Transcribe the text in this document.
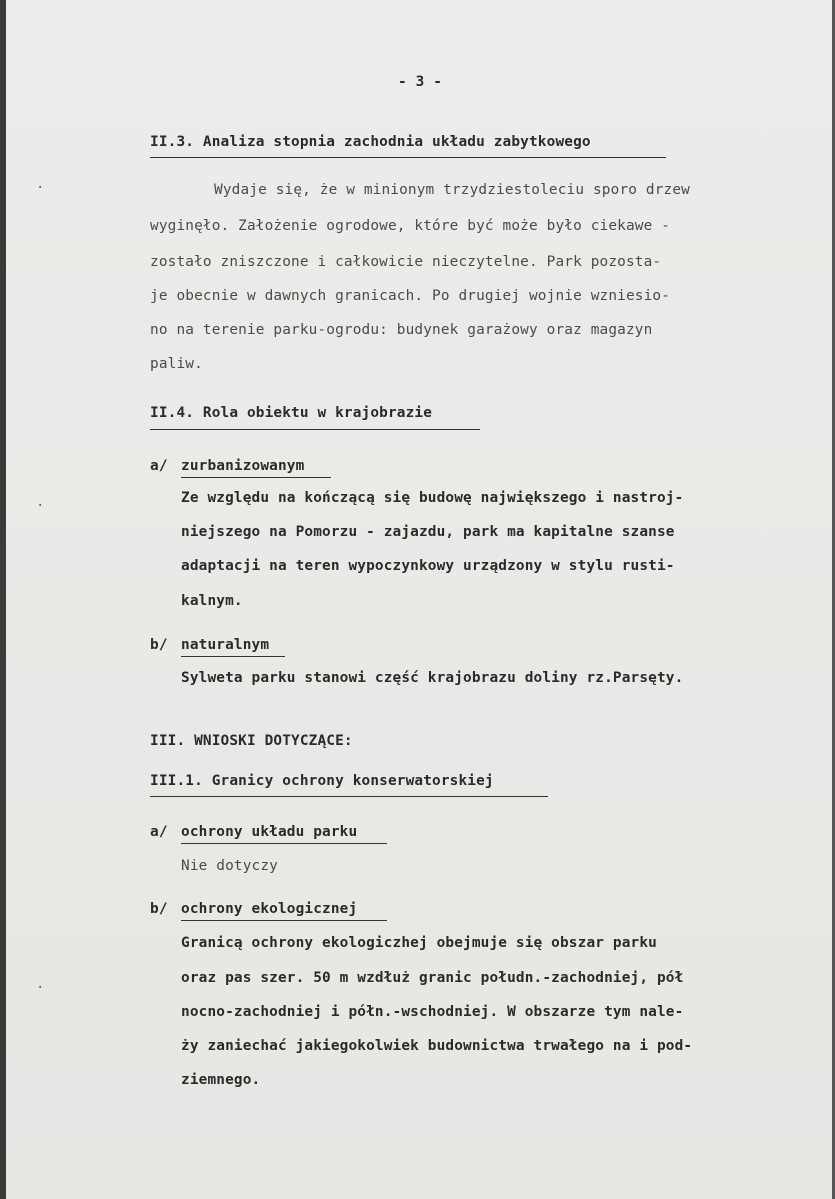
·
·
·
- 3 -
II.3. Analiza stopnia zachodnia układu zabytkowego
Wydaje się, że w minionym trzydziestoleciu sporo drzew
wyginęło. Założenie ogrodowe, które być może było ciekawe -
zostało zniszczone i całkowicie nieczytelne. Park pozosta-
je obecnie w dawnych granicach. Po drugiej wojnie wzniesio-
no na terenie parku-ogrodu: budynek garażowy oraz magazyn
paliw.
II.4. Rola obiektu w krajobrazie
a/ zurbanizowanym
Ze względu na kończącą się budowę największego i nastroj-
niejszego na Pomorzu - zajazdu, park ma kapitalne szanse
adaptacji na teren wypoczynkowy urządzony w stylu rusti-
kalnym.
b/ naturalnym
Sylweta parku stanowi część krajobrazu doliny rz.Parsęty.
III. WNIOSKI DOTYCZĄCE:
III.1. Granicy ochrony konserwatorskiej
a/ ochrony układu parku
Nie dotyczy
b/ ochrony ekologicznej
Granicą ochrony ekologiczhej obejmuje się obszar parku
oraz pas szer. 50 m wzdłuż granic połudn.-zachodniej, pół
nocno-zachodniej i półn.-wschodniej. W obszarze tym nale-
ży zaniechać jakiegokolwiek budownictwa trwałego na i pod-
ziemnego.
